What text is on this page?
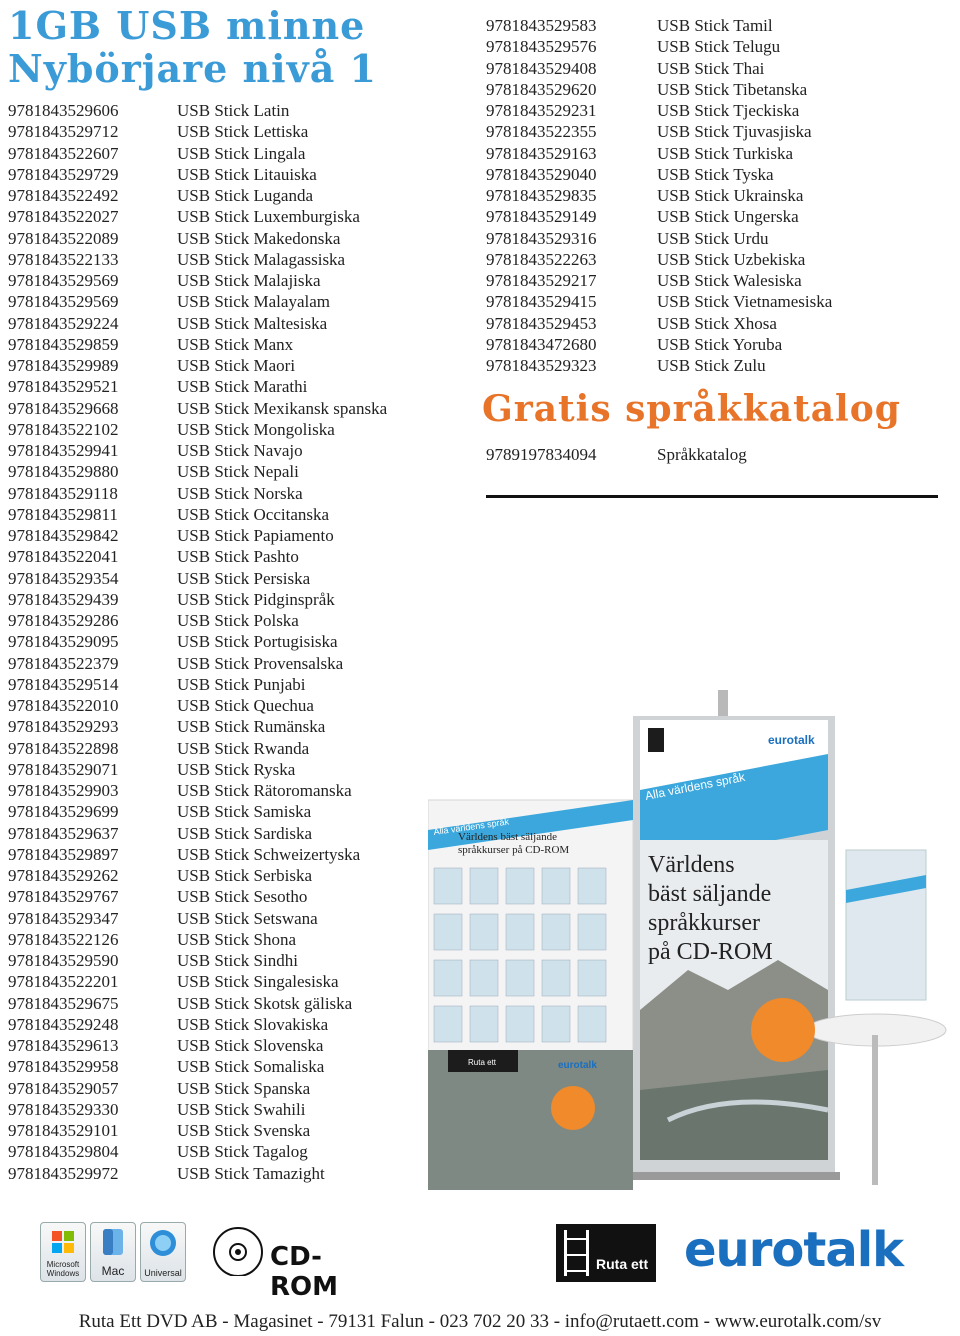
1GB USB minne
Nybörjare nivå 1
9781843529606	USB Stick Latin
9781843529712	USB Stick Lettiska
9781843522607	USB Stick Lingala
9781843529729	USB Stick Litauiska
9781843522492	USB Stick Luganda
9781843522027	USB Stick Luxemburgiska
9781843522089	USB Stick Makedonska
9781843522133	USB Stick Malagassiska
9781843529569	USB Stick Malajiska
9781843529569	USB Stick Malayalam
9781843529224	USB Stick Maltesiska
9781843529859	USB Stick Manx
9781843529989	USB Stick Maori
9781843529521	USB Stick Marathi
9781843529668	USB Stick Mexikansk spanska
9781843522102	USB Stick Mongoliska
9781843529941	USB Stick Navajo
9781843529880	USB Stick Nepali
9781843529118	USB Stick Norska
9781843529811	USB Stick Occitanska
9781843529842	USB Stick Papiamento
9781843522041	USB Stick Pashto
9781843529354	USB Stick Persiska
9781843529439	USB Stick Pidginspråk
9781843529286	USB Stick Polska
9781843529095	USB Stick Portugisiska
9781843522379	USB Stick Provensalska
9781843529514	USB Stick Punjabi
9781843522010	USB Stick Quechua
9781843529293	USB Stick Rumänska
9781843522898	USB Stick Rwanda
9781843529071	USB Stick Ryska
9781843529903	USB Stick Rätoromanska
9781843529699	USB Stick Samiska
9781843529637	USB Stick Sardiska
9781843529897	USB Stick Schweizertyska
9781843529262	USB Stick Serbiska
9781843529767	USB Stick Sesotho
9781843529347	USB Stick Setswana
9781843522126	USB Stick Shona
9781843529590	USB Stick Sindhi
9781843522201	USB Stick Singalesiska
9781843529675	USB Stick Skotsk gäliska
9781843529248	USB Stick Slovakiska
9781843529613	USB Stick Slovenska
9781843529958	USB Stick Somaliska
9781843529057	USB Stick Spanska
9781843529330	USB Stick Swahili
9781843529101	USB Stick Svenska
9781843529804	USB Stick Tagalog
9781843529972	USB Stick Tamazight
9781843529583	USB Stick Tamil
9781843529576	USB Stick Telugu
9781843529408	USB Stick Thai
9781843529620	USB Stick Tibetanska
9781843529231	USB Stick Tjeckiska
9781843522355	USB Stick Tjuvasjiska
9781843529163	USB Stick Turkiska
9781843529040	USB Stick Tyska
9781843529835	USB Stick Ukrainska
9781843529149	USB Stick Ungerska
9781843529316	USB Stick Urdu
9781843522263	USB Stick Uzbekiska
9781843529217	USB Stick Walesiska
9781843529415	USB Stick Vietnamesiska
9781843529453	USB Stick Xhosa
9781843472680	USB Stick Yoruba
9781843529323	USB Stick Zulu
Gratis språkkatalog
9789197834094	Språkkatalog
eurotalk
Alla världens språk
Världens bäst säljande språkkurser på CD-ROM
Alla världens språk
Världens bäst säljande språkkurser på CD-ROM
Ruta ett	eurotalk
Microsoft Windows	Mac	Universal
CD-ROM
Ruta ett eurotalk
Ruta Ett DVD AB - Magasinet - 79131 Falun - 023 702 20 33 - info@rutaett.com - www.eurotalk.com/sv
